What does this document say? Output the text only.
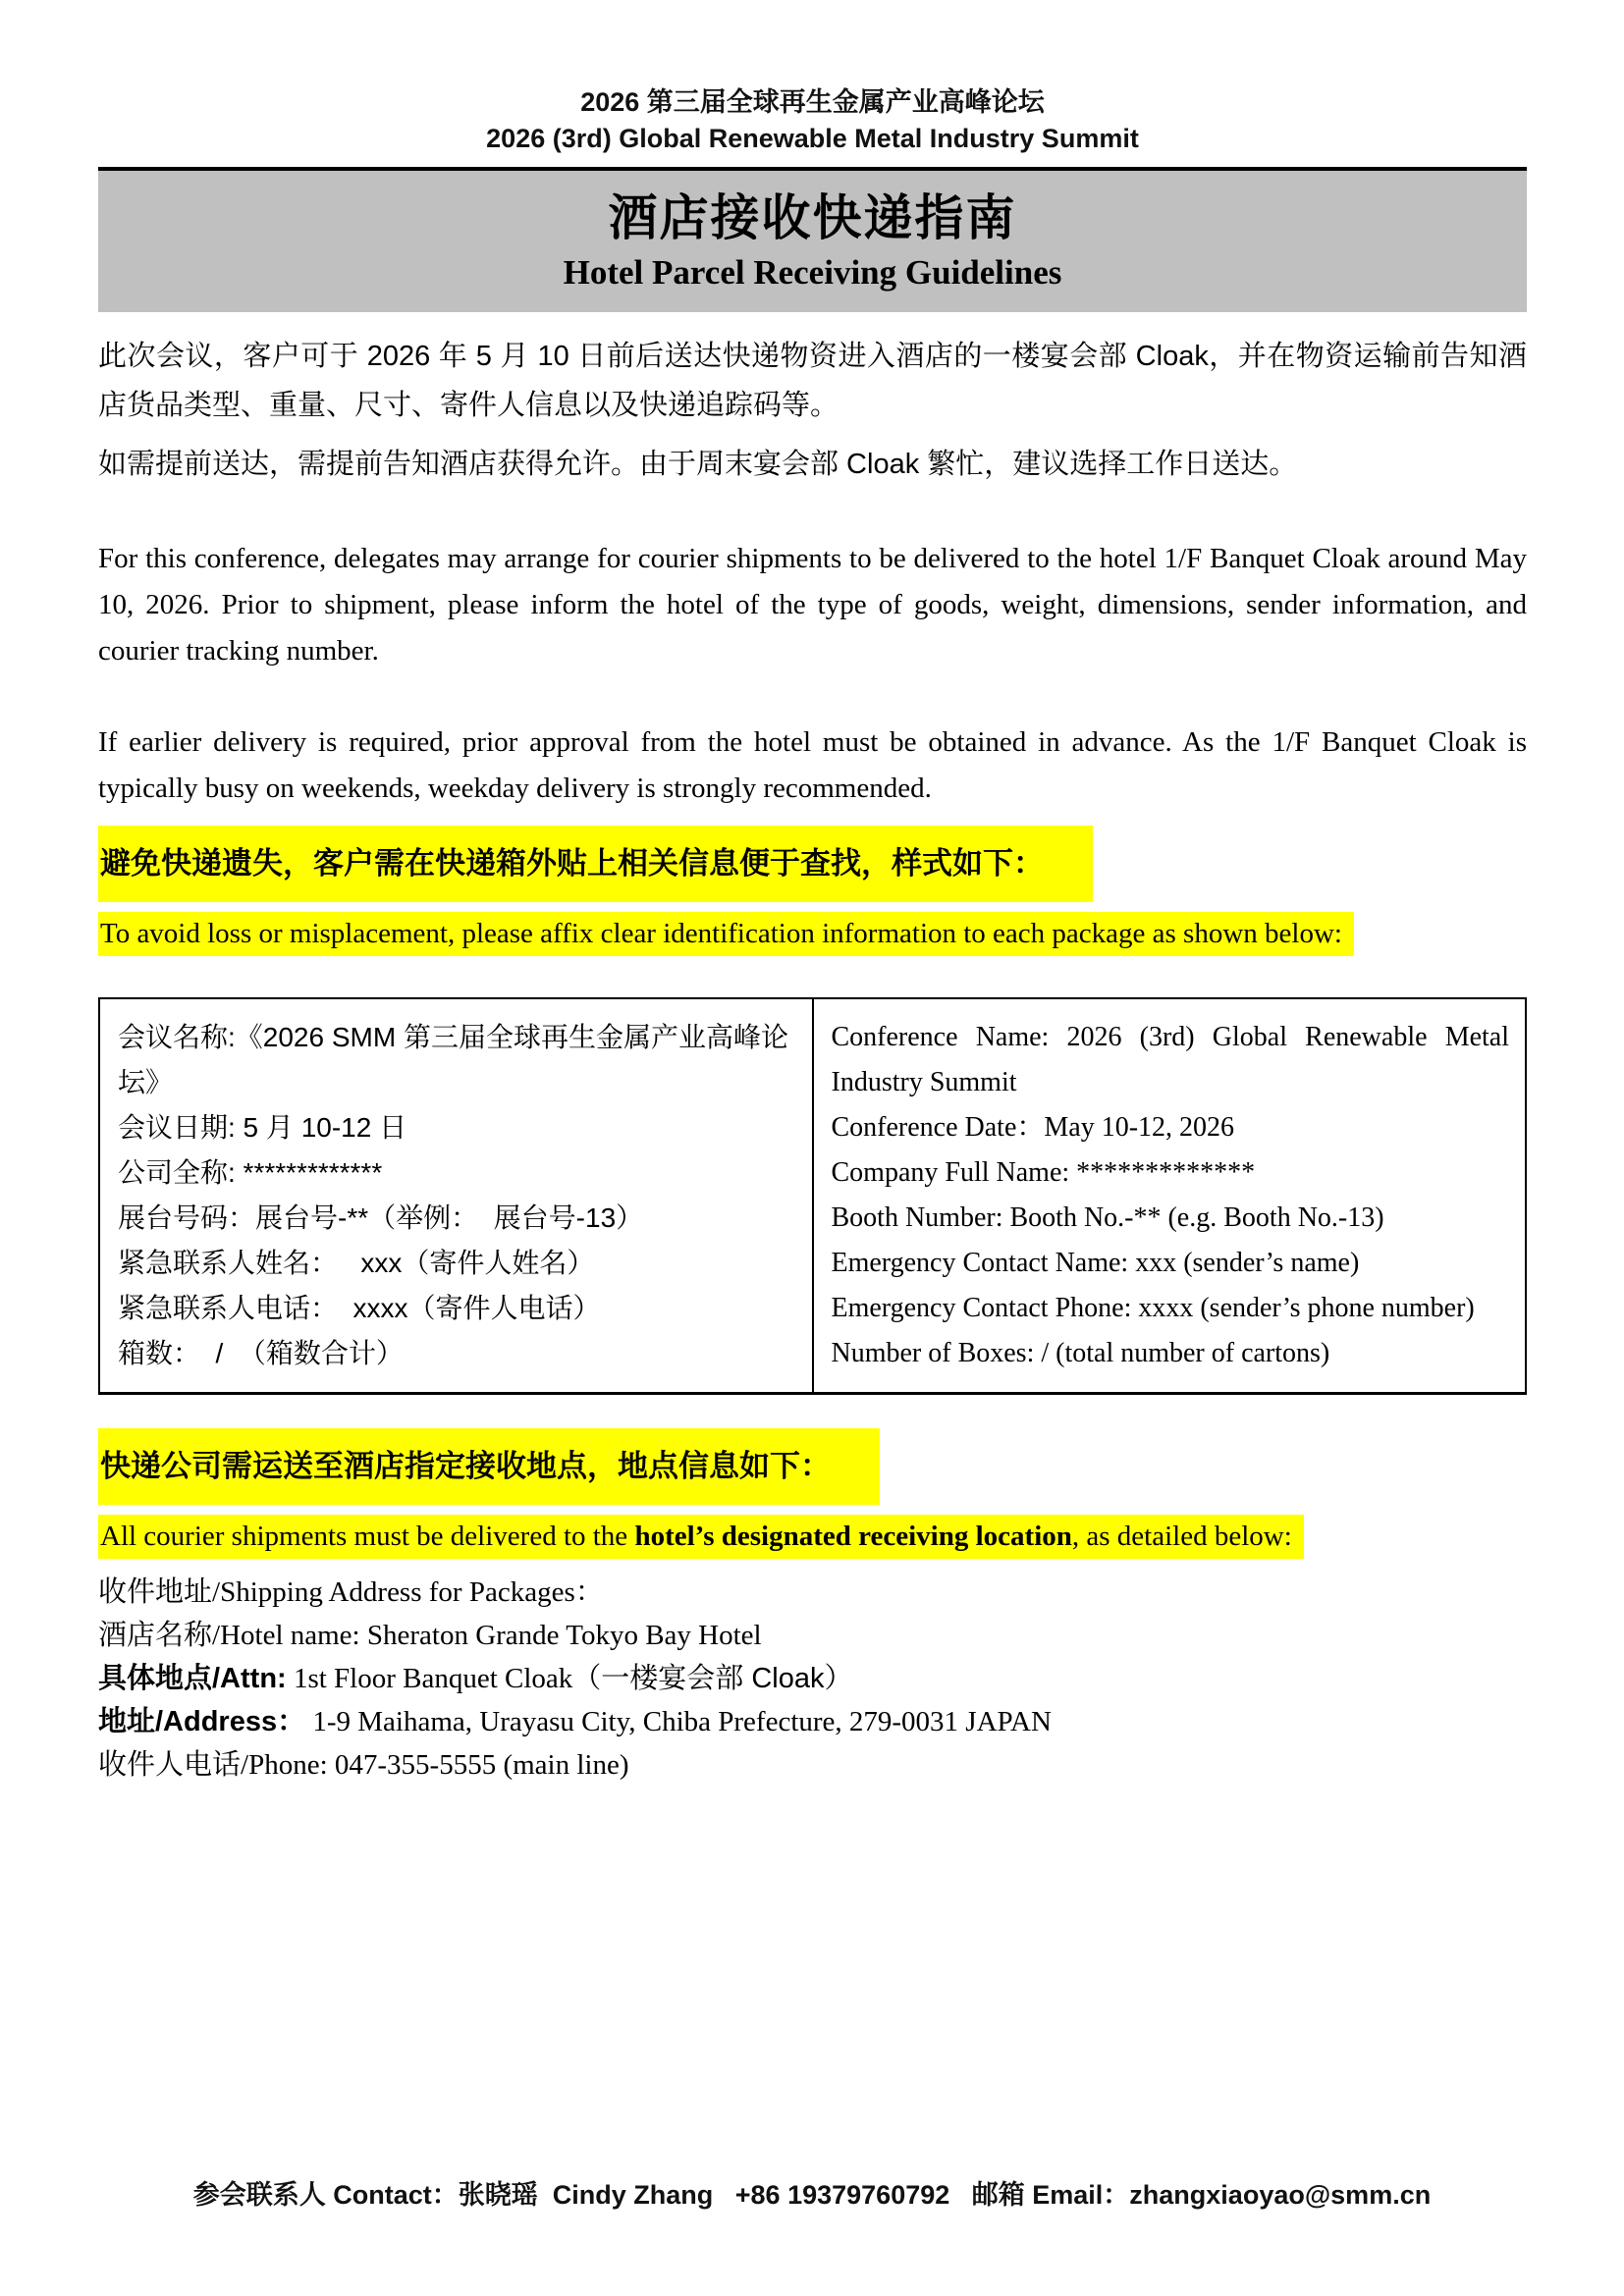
2026 第三届全球再生金属产业高峰论坛
2026 (3rd) Global Renewable Metal Industry Summit
酒店接收快递指南
Hotel Parcel Receiving Guidelines

此次会议，客户可于 2026 年 5 月 10 日前后送达快递物资进入酒店的一楼宴会部 Cloak，并在物资运输前告知酒店货品类型、重量、尺寸、寄件人信息以及快递追踪码等。

如需提前送达，需提前告知酒店获得允许。由于周末宴会部 Cloak 繁忙，建议选择工作日送达。

For this conference, delegates may arrange for courier shipments to be delivered to the hotel 1/F Banquet Cloak around May 10, 2026. Prior to shipment, please inform the hotel of the type of goods, weight, dimensions, sender information, and courier tracking number.

If earlier delivery is required, prior approval from the hotel must be obtained in advance. As the 1/F Banquet Cloak is typically busy on weekends, weekday delivery is strongly recommended.

避免快递遗失，客户需在快递箱外贴上相关信息便于查找，样式如下：
To avoid loss or misplacement, please affix clear identification information to each package as shown below:
会议名称:《2026 SMM 第三届全球再生金属产业高峰论坛》
会议日期: 5 月 10-12 日
公司全称: *************
展台号码：展台号-**（举例：  展台号-13）
紧急联系人姓名：   xxx（寄件人姓名）
紧急联系人电话：  xxxx（寄件人电话）
箱数：  /  （箱数合计）

Conference Name: 2026 (3rd) Global Renewable Metal Industry Summit
Conference Date：May 10-12, 2026
Company Full Name: *************
Booth Number: Booth No.-** (e.g. Booth No.-13)
Emergency Contact Name: xxx (sender’s name)
Emergency Contact Phone: xxxx (sender’s phone number)
Number of Boxes: / (total number of cartons)
快递公司需运送至酒店指定接收地点，地点信息如下：
All courier shipments must be delivered to the hotel’s designated receiving location, as detailed below:
收件地址/Shipping Address for Packages：
酒店名称/Hotel name: Sheraton Grande Tokyo Bay Hotel
具体地点/Attn: 1st Floor Banquet Cloak（一楼宴会部 Cloak）
地址/Address： 1-9 Maihama, Urayasu City, Chiba Prefecture, 279-0031 JAPAN
收件人电话/Phone: 047-355-5555 (main line)
参会联系人 Contact：张晓瑶  Cindy Zhang   +86 19379760792   邮箱 Email：zhangxiaoyao@smm.cn
